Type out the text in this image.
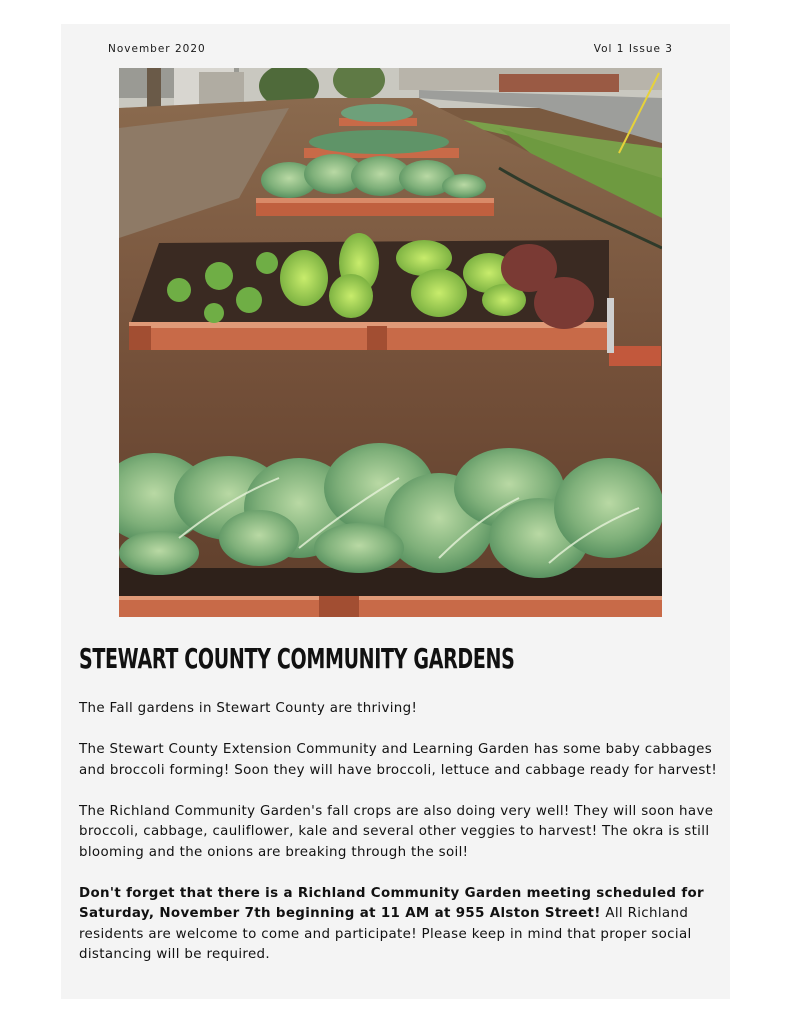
November 2020	Vol 1 Issue 3
STEWART COUNTY COMMUNITY GARDENS

The Fall gardens in Stewart County are thriving!

The Stewart County Extension Community and Learning Garden has some baby cabbages and broccoli forming! Soon they will have broccoli, lettuce and cabbage ready for harvest!

The Richland Community Garden's fall crops are also doing very well! They will soon have broccoli, cabbage, cauliflower, kale and several other veggies to harvest! The okra is still blooming and the onions are breaking through the soil!

Don't forget that there is a Richland Community Garden meeting scheduled for Saturday, November 7th beginning at 11 AM at 955 Alston Street! All Richland residents are welcome to come and participate! Please keep in mind that proper social distancing will be required.
